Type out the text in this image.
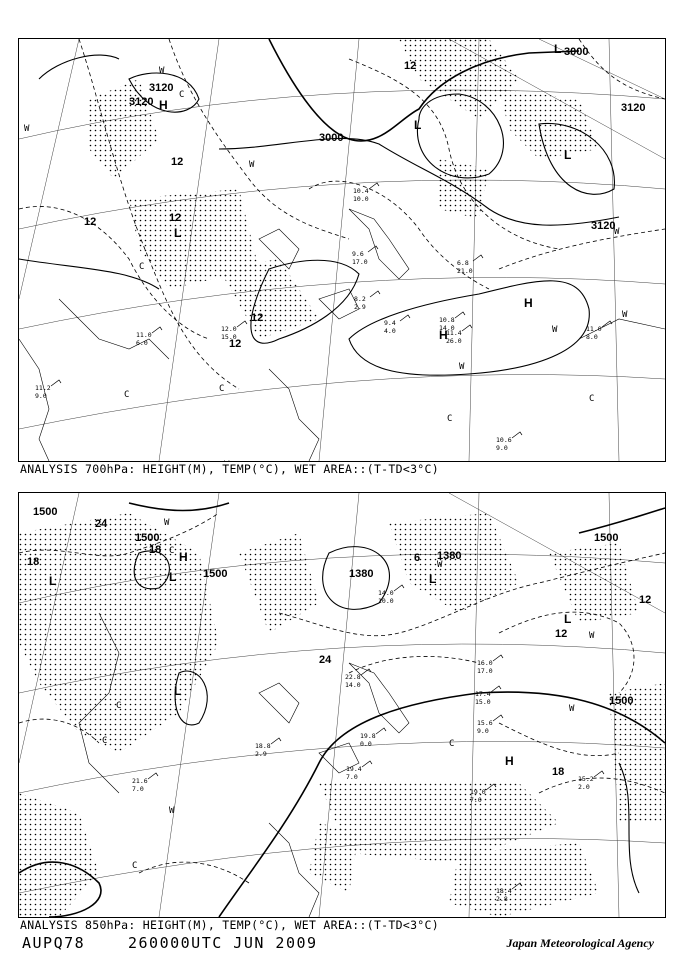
3000
3000
3120
3120
3120
3120
12
12
12
12
12
12
H
H
H
L
L
L
L
W
W
W
W
W
W
W
C
C
C
C
C
C
11.0
8.0
10.6
9.0
11.4
26.0
10.8
14.0
9.6
17.0
8.2
2.9
10.4
10.0
6.8
21.0
11.2
9.0
11.0
6.0
12.0
15.0
9.4
4.0
ANALYSIS 700hPa: HEIGHT(M), TEMP(°C), WET AREA::(T-TD<3°C)
1500
1500
1500
1500
1500
1380
1380
18
18
18
12
12
24
24
6
H
H
L	L	L
L
L
W
W
W
W
W
C
C
C
C
C
15.2
2.0
18.4
2.8
19.0
7.0
17.4
15.0
15.6
9.0
19.4
7.0
18.8
2.9
21.6
7.0
22.8
14.0
19.8
0.0
16.0
17.0
14.0
10.0
ANALYSIS 850hPa: HEIGHT(M), TEMP(°C), WET AREA::(T-TD<3°C)
AUPQ78	260000UTC JUN 2009	Japan Meteorological Agency
